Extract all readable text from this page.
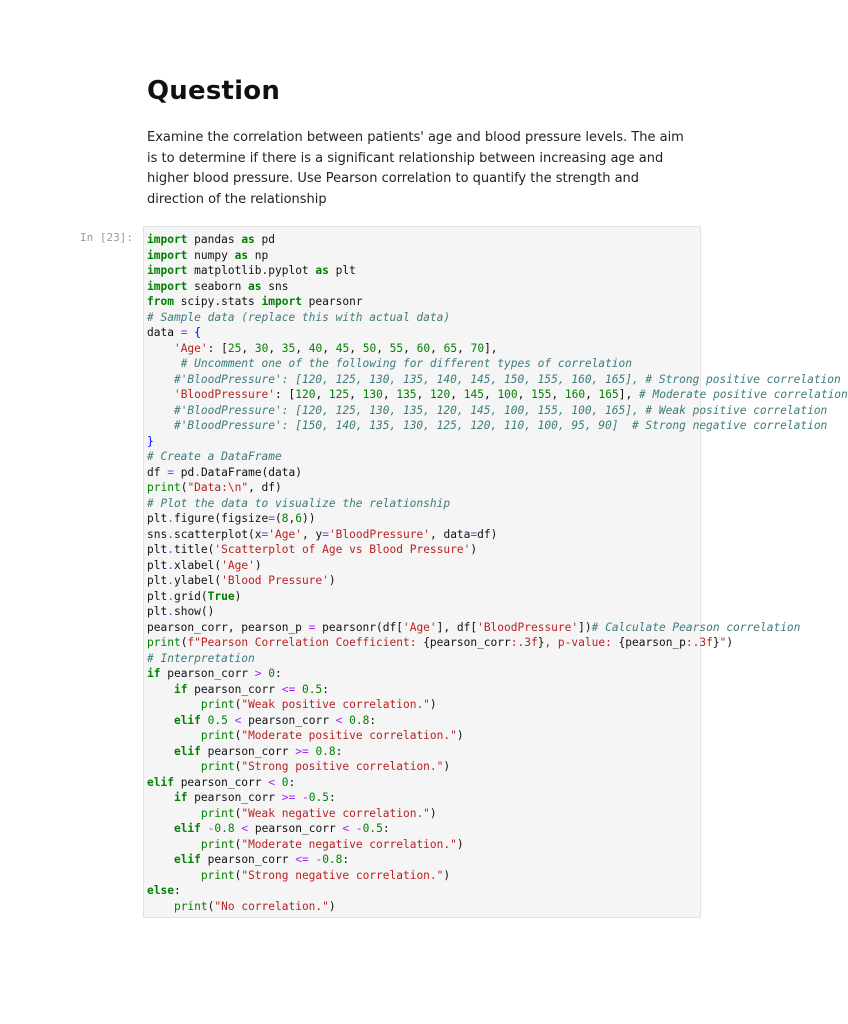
Question

Examine the correlation between patients' age and blood pressure levels. The aim is to determine if there is a significant relationship between increasing age and higher blood pressure. Use Pearson correlation to quantify the strength and direction of the relationship

In [23]: import pandas as pd
import numpy as np
import matplotlib.pyplot as plt
import seaborn as sns
from scipy.stats import pearsonr
# Sample data (replace this with actual data)
data = {
'Age': [25, 30, 35, 40, 45, 50, 55, 60, 65, 70],
# Uncomment one of the following for different types of correlation
#'BloodPressure': [120, 125, 130, 135, 140, 145, 150, 155, 160, 165], # Strong positive correlation
'BloodPressure': [120, 125, 130, 135, 120, 145, 100, 155, 160, 165], # Moderate positive correlation
#'BloodPressure': [120, 125, 130, 135, 120, 145, 100, 155, 100, 165], # Weak positive correlation
#'BloodPressure': [150, 140, 135, 130, 125, 120, 110, 100, 95, 90]  # Strong negative correlation
}
# Create a DataFrame
df = pd.DataFrame(data)
print("Data:\n", df)
# Plot the data to visualize the relationship
plt.figure(figsize=(8,6))
sns.scatterplot(x='Age', y='BloodPressure', data=df)
plt.title('Scatterplot of Age vs Blood Pressure')
plt.xlabel('Age')
plt.ylabel('Blood Pressure')
plt.grid(True)
plt.show()
pearson_corr, pearson_p = pearsonr(df['Age'], df['BloodPressure'])# Calculate Pearson correlation
print(f"Pearson Correlation Coefficient: {pearson_corr:.3f}, p-value: {pearson_p:.3f}")
# Interpretation
if pearson_corr > 0:
if pearson_corr <= 0.5:
print("Weak positive correlation.")
elif 0.5 < pearson_corr < 0.8:
print("Moderate positive correlation.")
elif pearson_corr >= 0.8:
print("Strong positive correlation.")
elif pearson_corr < 0:
if pearson_corr >= -0.5:
print("Weak negative correlation.")
elif -0.8 < pearson_corr < -0.5:
print("Moderate negative correlation.")
elif pearson_corr <= -0.8:
print("Strong negative correlation.")
else:
print("No correlation.")
